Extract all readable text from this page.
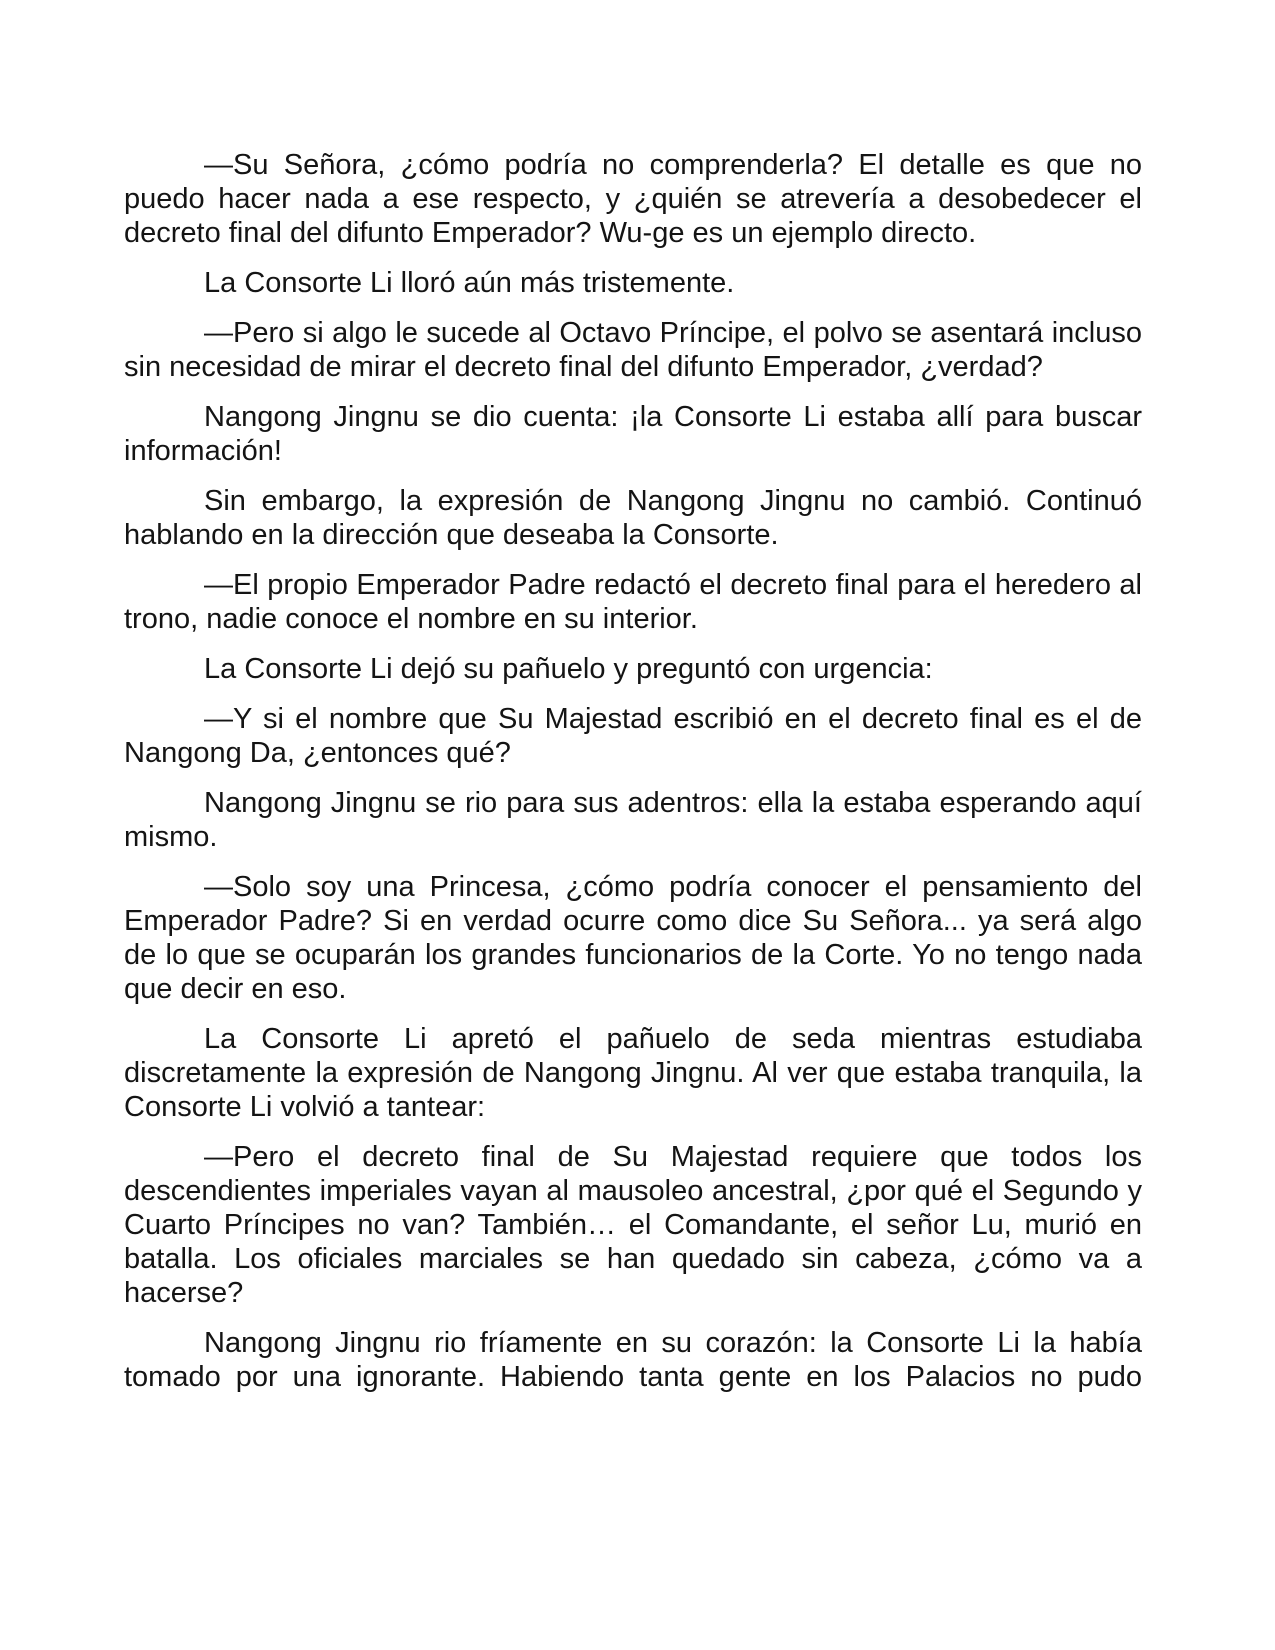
—Su Señora, ¿cómo podría no comprenderla? El detalle es que no puedo hacer nada a ese respecto, y ¿quién se atrevería a desobedecer el decreto final del difunto Emperador? Wu-ge es un ejemplo directo.

La Consorte Li lloró aún más tristemente.

—Pero si algo le sucede al Octavo Príncipe, el polvo se asentará incluso sin necesidad de mirar el decreto final del difunto Emperador, ¿verdad?

Nangong Jingnu se dio cuenta: ¡la Consorte Li estaba allí para buscar información!

Sin embargo, la expresión de Nangong Jingnu no cambió. Continuó hablando en la dirección que deseaba la Consorte.

—El propio Emperador Padre redactó el decreto final para el heredero al trono, nadie conoce el nombre en su interior.

La Consorte Li dejó su pañuelo y preguntó con urgencia:

—Y si el nombre que Su Majestad escribió en el decreto final es el de Nangong Da, ¿entonces qué?

Nangong Jingnu se rio para sus adentros: ella la estaba esperando aquí mismo.

—Solo soy una Princesa, ¿cómo podría conocer el pensamiento del Emperador Padre? Si en verdad ocurre como dice Su Señora... ya será algo de lo que se ocuparán los grandes funcionarios de la Corte. Yo no tengo nada que decir en eso.

La Consorte Li apretó el pañuelo de seda mientras estudiaba discretamente la expresión de Nangong Jingnu. Al ver que estaba tranquila, la Consorte Li volvió a tantear:

—Pero el decreto final de Su Majestad requiere que todos los descendientes imperiales vayan al mausoleo ancestral, ¿por qué el Segundo y Cuarto Príncipes no van? También… el Comandante, el señor Lu, murió en batalla. Los oficiales marciales se han quedado sin cabeza, ¿cómo va a hacerse?

Nangong Jingnu rio fríamente en su corazón: la Consorte Li la había tomado por una ignorante. Habiendo tanta gente en los Palacios no pudo
